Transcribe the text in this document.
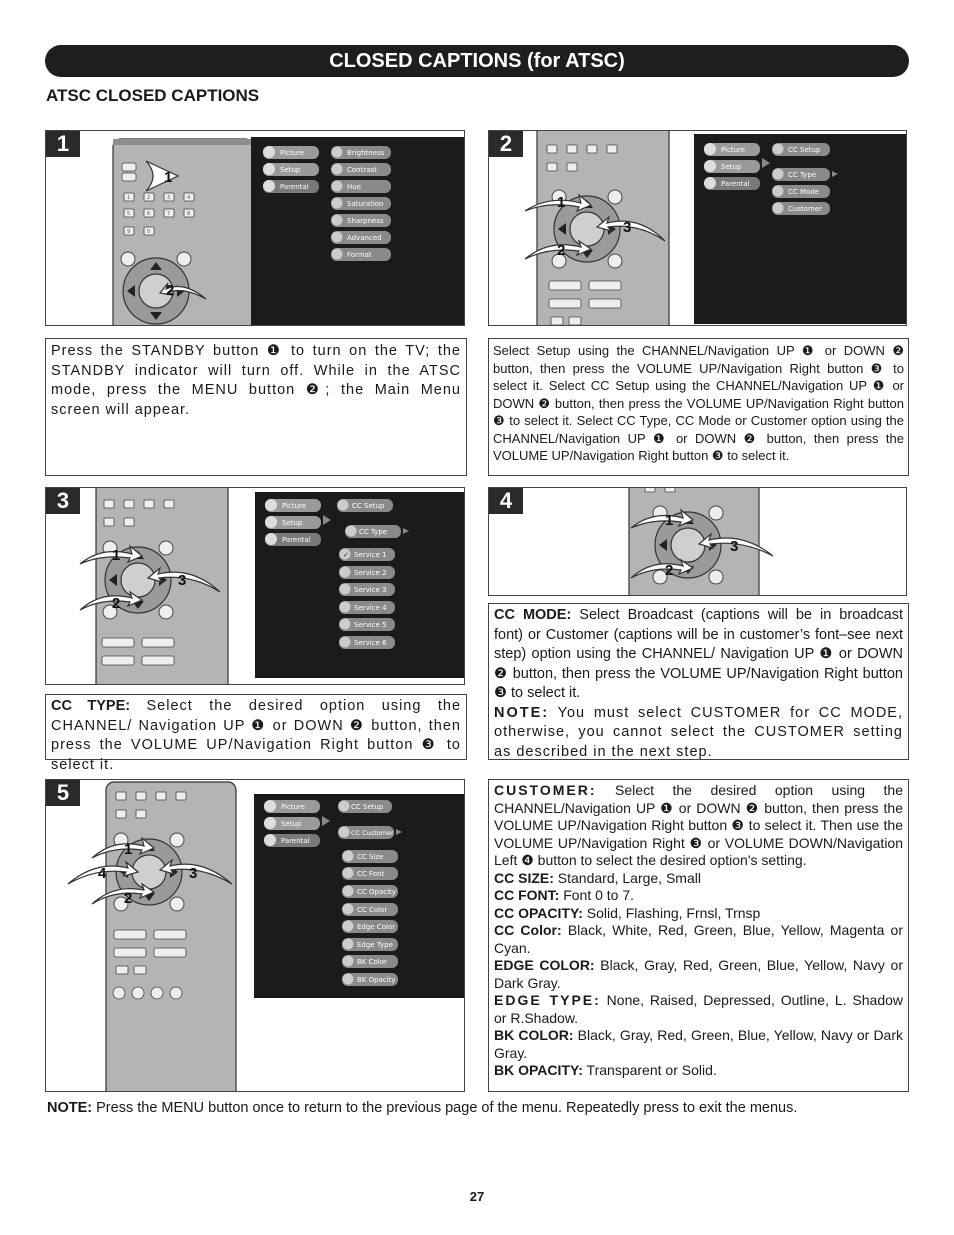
CLOSED CAPTIONS (for ATSC)
ATSC CLOSED CAPTIONS
1
1	2	3	4
5	6	7	8
9	0
1
2
Picture
Setup
Parental
Brightness
Contrast
Hue
Saturation
Sharpness
Advanced
Format
Press the STANDBY button ❶ to turn on the TV; the STANDBY indicator will turn off. While in the ATSC mode, press the MENU button ❷; the Main Menu screen will appear.
2
1
2
3
Picture
Setup
Parental
CC Setup
CC Type
CC Mode
Customer
Select Setup using the CHANNEL/Navigation UP ❶ or DOWN ❷ button, then press the VOLUME UP/Navigation Right button ❸ to select it. Select CC Setup using the CHANNEL/Navigation UP ❶ or DOWN ❷ button, then press the VOLUME UP/Navigation Right button ❸ to select it. Select CC Type, CC Mode or Customer option using the CHANNEL/Navigation UP ❶ or DOWN ❷ button, then press the VOLUME UP/Navigation Right button ❸ to select it.
3
1
2
3
Picture
Setup
Parental
CC Setup
CC Type
✓ Service 1
Service 2
Service 3
Service 4
Service 5
Service 6
CC TYPE: Select the desired option using the CHANNEL/ Navigation UP ❶ or DOWN ❷ button, then press the VOLUME UP/Navigation Right button ❸ to select it.
4
1
2
3
CC MODE: Select Broadcast (captions will be in broadcast font) or Customer (captions will be in customer’s font–see next step) option using the CHANNEL/ Navigation UP ❶ or DOWN ❷ button, then press the VOLUME UP/Navigation Right button ❸ to select it.
NOTE: You must select CUSTOMER for CC MODE, otherwise, you cannot select the CUSTOMER setting as described in the next step.
5
1
2
3
4
Picture
Setup
Parental
CC Setup
CC Customer
CC Size
CC Font
CC Opacity
CC Color
Edge Color
Edge Type
BK Color
BK Opacity
CUSTOMER: Select the desired option using the CHANNEL/Navigation UP ❶ or DOWN ❷ button, then press the VOLUME UP/Navigation Right button ❸ to select it. Then use the VOLUME UP/Navigation Right ❸ or VOLUME DOWN/Navigation Left ❹ button to select the desired option's setting.
CC SIZE: Standard, Large, Small
CC FONT: Font 0 to 7.
CC OPACITY: Solid, Flashing, Frnsl, Trnsp
CC Color: Black, White, Red, Green, Blue, Yellow, Magenta or Cyan.
EDGE COLOR: Black, Gray, Red, Green, Blue, Yellow, Navy or Dark Gray.
EDGE TYPE: None, Raised, Depressed, Outline, L. Shadow or R.Shadow.
BK COLOR: Black, Gray, Red, Green, Blue, Yellow, Navy or Dark Gray.
BK OPACITY: Transparent or Solid.
NOTE: Press the MENU button once to return to the previous page of the menu. Repeatedly press to exit the menus.
27
